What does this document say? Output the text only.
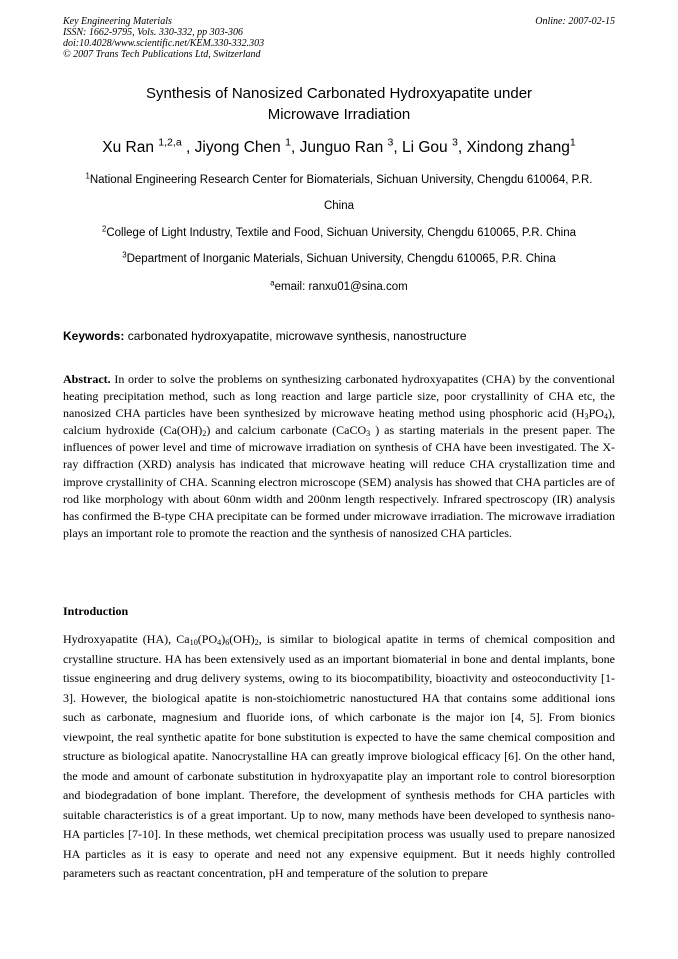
Key Engineering Materials
ISSN: 1662-9795, Vols. 330-332, pp 303-306
doi:10.4028/www.scientific.net/KEM.330-332.303
© 2007 Trans Tech Publications Ltd, Switzerland
Online: 2007-02-15
Synthesis of Nanosized Carbonated Hydroxyapatite under
Microwave Irradiation
Xu Ran $^{1,2,a}$ , Jiyong Chen $^1$, Junguo Ran $^3$, Li Gou $^3$, Xindong zhang$^1$
$^1$National Engineering Research Center for Biomaterials, Sichuan University, Chengdu 610064, P.R.
China
$^2$College of Light Industry, Textile and Food, Sichuan University, Chengdu 610065, P.R. China
$^3$Department of Inorganic Materials, Sichuan University, Chengdu 610065, P.R. China
$^a$email: ranxu01@sina.com
Keywords: carbonated hydroxyapatite, microwave synthesis, nanostructure
Abstract. In order to solve the problems on synthesizing carbonated hydroxyapatites (CHA) by the conventional heating precipitation method, such as long reaction and large particle size, poor crystallinity of CHA etc, the nanosized CHA particles have been synthesized by microwave heating method using phosphoric acid $(H_3PO_4)$, calcium hydroxide $(Ca(OH)_2)$ and calcium carbonate (CaCO$_3$ ) as starting materials in the present paper. The influences of power level and time of microwave irradiation on synthesis of CHA have been investigated. The X-ray diffraction (XRD) analysis has indicated that microwave heating will reduce CHA crystallization time and improve crystallinity of CHA. Scanning electron microscope (SEM) analysis has showed that CHA particles are of rod like morphology with about 60nm width and 200nm length respectively. Infrared spectroscopy (IR) analysis has confirmed the B-type CHA precipitate can be formed under microwave irradiation. The microwave irradiation plays an important role to promote the reaction and the synthesis of nanosized CHA particles.
Introduction
Hydroxyapatite (HA), $Ca_{10}(PO_4)_6(OH)_2$, is similar to biological apatite in terms of chemical composition and crystalline structure. HA has been extensively used as an important biomaterial in bone and dental implants, bone tissue engineering and drug delivery systems, owing to its biocompatibility, bioactivity and osteoconductivity [1-3]. However, the biological apatite is non-stoichiometric nanostuctured HA that contains some additional ions such as carbonate, magnesium and fluoride ions, of which carbonate is the major ion [4, 5]. From bionics viewpoint, the real synthetic apatite for bone substitution is expected to have the same chemical composition and structure as biological apatite. Nanocrystalline HA can greatly improve biological efficacy [6]. On the other hand, the mode and amount of carbonate substitution in hydroxyapatite play an important role to control bioresorption and biodegradation of bone implant. Therefore, the development of synthesis methods for CHA particles with suitable characteristics is of a great important. Up to now, many methods have been developed to synthesis nano-HA particles [7-10]. In these methods, wet chemical precipitation process was usually used to prepare nanosized HA particles as it is easy to operate and need not any expensive equipment. But it needs highly controlled parameters such as reactant concentration, pH and temperature of the solution to prepare
